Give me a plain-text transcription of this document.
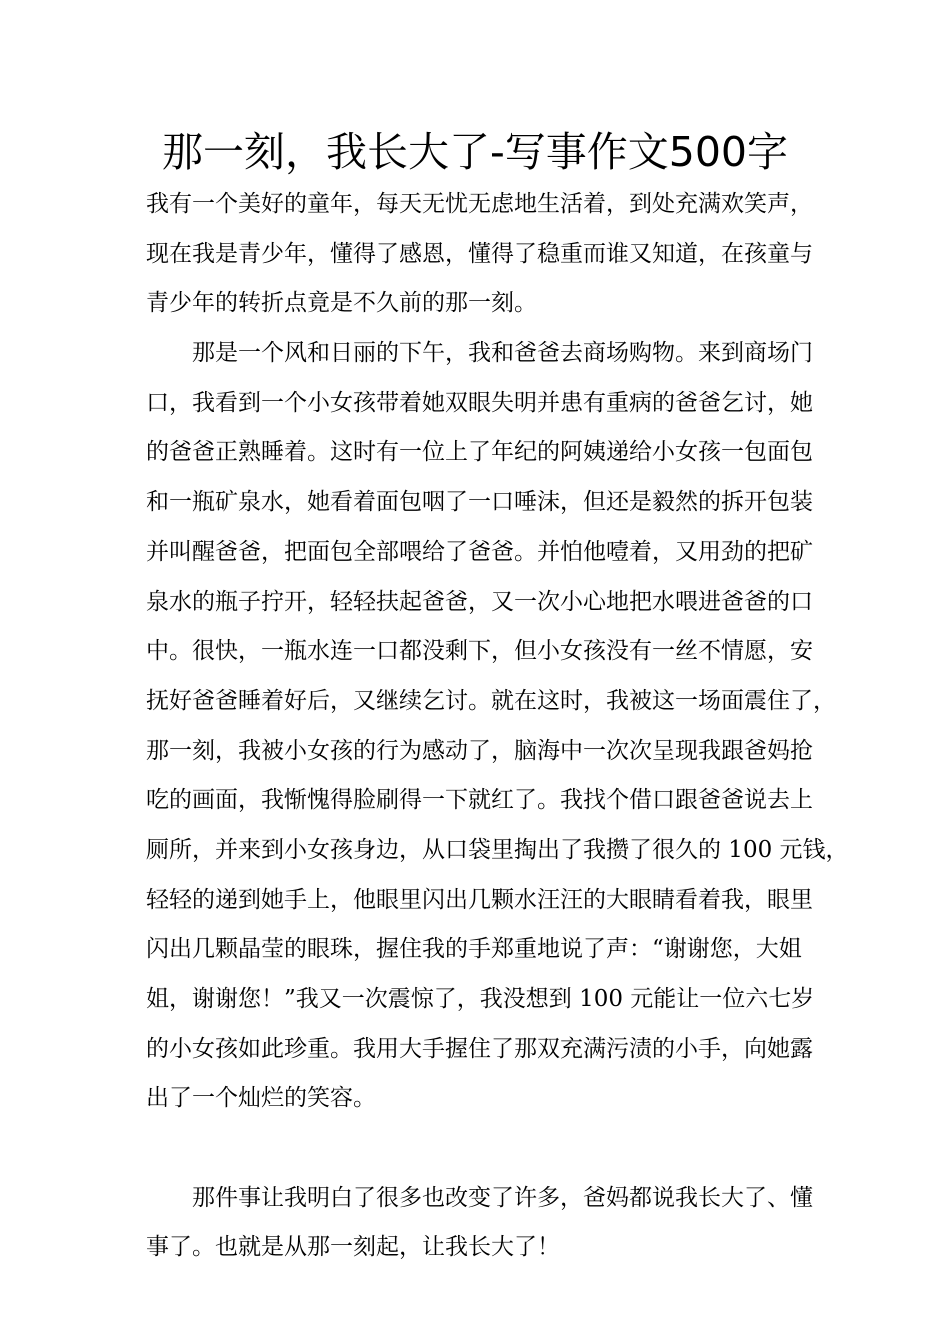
那一刻，我长大了-写事作文500字
我有一个美好的童年，每天无忧无虑地生活着，到处充满欢笑声，
现在我是青少年，懂得了感恩，懂得了稳重而谁又知道，在孩童与
青少年的转折点竟是不久前的那一刻。
那是一个风和日丽的下午，我和爸爸去商场购物。来到商场门
口，我看到一个小女孩带着她双眼失明并患有重病的爸爸乞讨，她
的爸爸正熟睡着。这时有一位上了年纪的阿姨递给小女孩一包面包
和一瓶矿泉水，她看着面包咽了一口唾沫，但还是毅然的拆开包装
并叫醒爸爸，把面包全部喂给了爸爸。并怕他噎着，又用劲的把矿
泉水的瓶子拧开，轻轻扶起爸爸，又一次小心地把水喂进爸爸的口
中。很快，一瓶水连一口都没剩下，但小女孩没有一丝不情愿，安
抚好爸爸睡着好后，又继续乞讨。就在这时，我被这一场面震住了，
那一刻，我被小女孩的行为感动了，脑海中一次次呈现我跟爸妈抢
吃的画面，我惭愧得脸刷得一下就红了。我找个借口跟爸爸说去上
厕所，并来到小女孩身边，从口袋里掏出了我攒了很久的 100 元钱，
轻轻的递到她手上，他眼里闪出几颗水汪汪的大眼睛看着我，眼里
闪出几颗晶莹的眼珠，握住我的手郑重地说了声：“谢谢您，大姐
姐，谢谢您！”我又一次震惊了，我没想到 100 元能让一位六七岁
的小女孩如此珍重。我用大手握住了那双充满污渍的小手，向她露
出了一个灿烂的笑容。
那件事让我明白了很多也改变了许多，爸妈都说我长大了、懂
事了。也就是从那一刻起，让我长大了！
